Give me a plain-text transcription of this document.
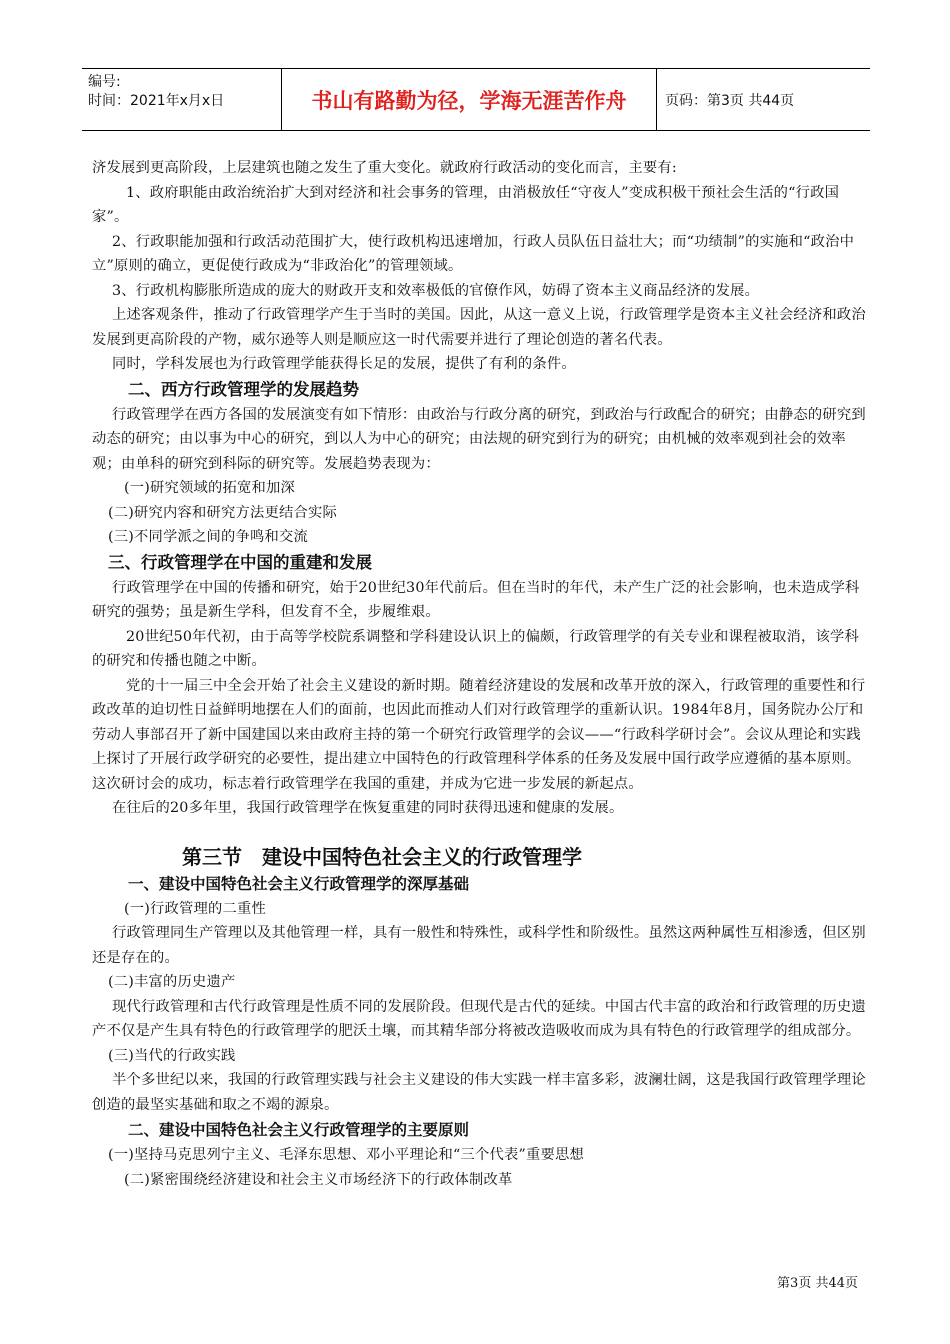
编号:
时间：2021年x月x日	书山有路勤为径，学海无涯苦作舟	页码：第3页 共44页

济发展到更高阶段，上层建筑也随之发生了重大变化。就政府行政活动的变化而言，主要有:

1、政府职能由政治统治扩大到对经济和社会事务的管理，由消极放任“守夜人”变成积极干预社会生活的“行政国家”。

2、行政职能加强和行政活动范围扩大，使行政机构迅速增加，行政人员队伍日益壮大；而“功绩制”的实施和“政治中立”原则的确立，更促使行政成为“非政治化”的管理领域。

3、行政机构膨胀所造成的庞大的财政开支和效率极低的官僚作风，妨碍了资本主义商品经济的发展。

上述客观条件，推动了行政管理学产生于当时的美国。因此，从这一意义上说，行政管理学是资本主义社会经济和政治发展到更高阶段的产物，威尔逊等人则是顺应这一时代需要并进行了理论创造的著名代表。

同时，学科发展也为行政管理学能获得长足的发展，提供了有利的条件。

二、西方行政管理学的发展趋势

行政管理学在西方各国的发展演变有如下情形：由政治与行政分离的研究，到政治与行政配合的研究；由静态的研究到动态的研究；由以事为中心的研究，到以人为中心的研究；由法规的研究到行为的研究；由机械的效率观到社会的效率观；由单科的研究到科际的研究等。发展趋势表现为：

(一)研究领域的拓宽和加深

(二)研究内容和研究方法更结合实际

(三)不同学派之间的争鸣和交流

三、行政管理学在中国的重建和发展

行政管理学在中国的传播和研究，始于20世纪30年代前后。但在当时的年代，未产生广泛的社会影响，也未造成学科研究的强势；虽是新生学科，但发育不全，步履维艰。

20世纪50年代初，由于高等学校院系调整和学科建设认识上的偏颇，行政管理学的有关专业和课程被取消，该学科的研究和传播也随之中断。

党的十一届三中全会开始了社会主义建设的新时期。随着经济建设的发展和改革开放的深入，行政管理的重要性和行政改革的迫切性日益鲜明地摆在人们的面前，也因此而推动人们对行政管理学的重新认识。1984年8月，国务院办公厅和劳动人事部召开了新中国建国以来由政府主持的第一个研究行政管理学的会议——“行政科学研讨会”。会议从理论和实践上探讨了开展行政学研究的必要性，提出建立中国特色的行政管理科学体系的任务及发展中国行政学应遵循的基本原则。这次研讨会的成功，标志着行政管理学在我国的重建，并成为它进一步发展的新起点。

在往后的20多年里，我国行政管理学在恢复重建的同时获得迅速和健康的发展。

第三节　建设中国特色社会主义的行政管理学

一、建设中国特色社会主义行政管理学的深厚基础

(一)行政管理的二重性

行政管理同生产管理以及其他管理一样，具有一般性和特殊性，或科学性和阶级性。虽然这两种属性互相渗透，但区别还是存在的。

(二)丰富的历史遗产

现代行政管理和古代行政管理是性质不同的发展阶段。但现代是古代的延续。中国古代丰富的政治和行政管理的历史遗产不仅是产生具有特色的行政管理学的肥沃土壤，而其精华部分将被改造吸收而成为具有特色的行政管理学的组成部分。

(三)当代的行政实践

半个多世纪以来，我国的行政管理实践与社会主义建设的伟大实践一样丰富多彩，波澜壮阔，这是我国行政管理学理论创造的最坚实基础和取之不竭的源泉。

二、建设中国特色社会主义行政管理学的主要原则

(一)坚持马克思列宁主义、毛泽东思想、邓小平理论和“三个代表”重要思想

(二)紧密围绕经济建设和社会主义市场经济下的行政体制改革

第3页 共44页
